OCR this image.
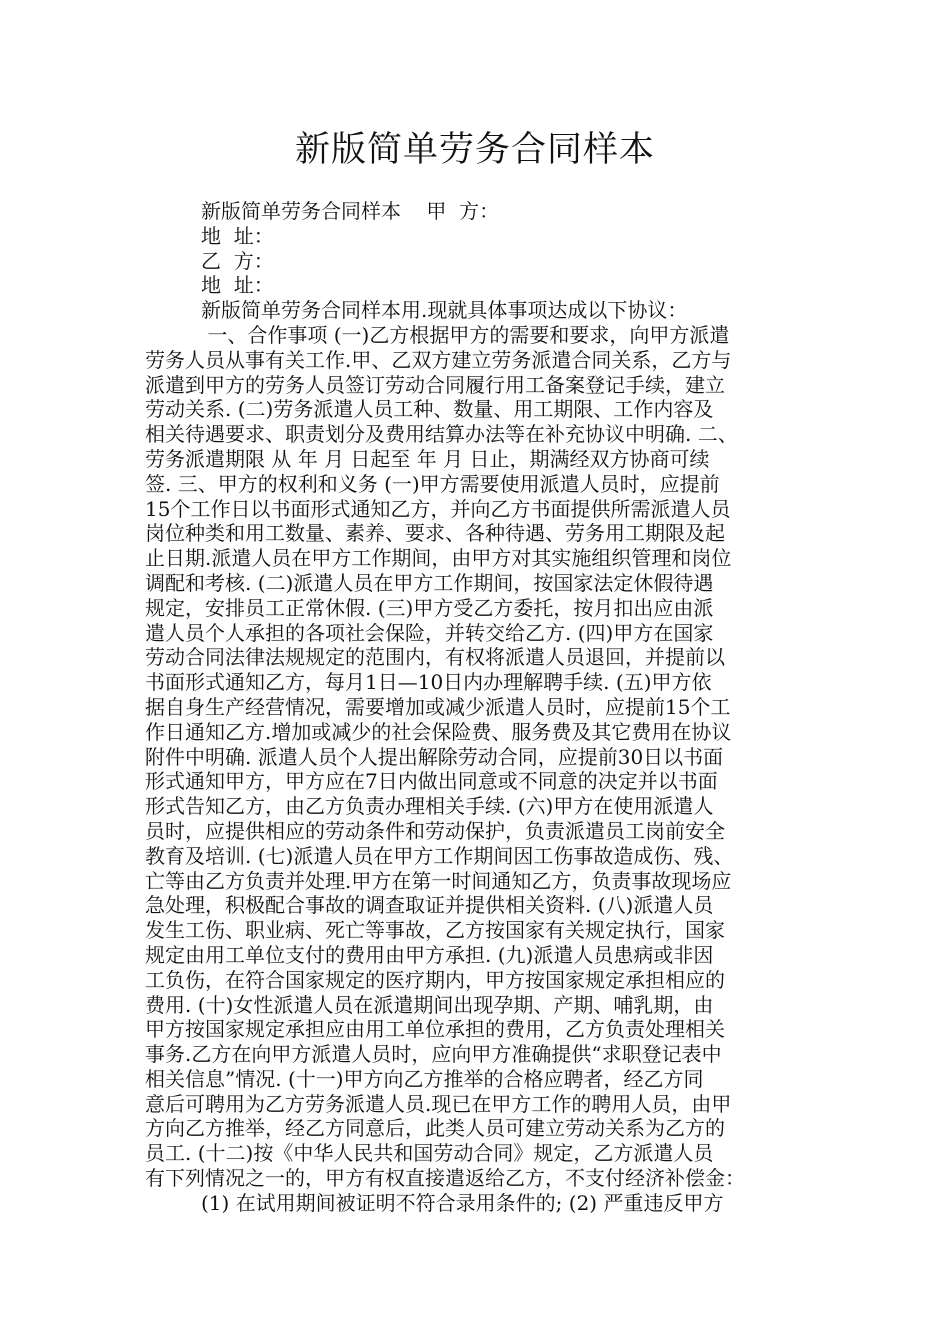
新版简单劳务合同样本

新版简单劳务合同样本    甲  方：

地  址：

乙  方：

地  址：

新版简单劳务合同样本用.现就具体事项达成以下协议：

一、合作事项 (一)乙方根据甲方的需要和要求，向甲方派遣

劳务人员从事有关工作.甲、乙双方建立劳务派遣合同关系，乙方与

派遣到甲方的劳务人员签订劳动合同履行用工备案登记手续，建立

劳动关系. (二)劳务派遣人员工种、数量、用工期限、工作内容及

相关待遇要求、职责划分及费用结算办法等在补充协议中明确. 二、

劳务派遣期限 从 年 月 日起至 年 月 日止，期满经双方协商可续

签. 三、甲方的权利和义务 (一)甲方需要使用派遣人员时，应提前

15个工作日以书面形式通知乙方，并向乙方书面提供所需派遣人员

岗位种类和用工数量、素养、要求、各种待遇、劳务用工期限及起

止日期.派遣人员在甲方工作期间，由甲方对其实施组织管理和岗位

调配和考核. (二)派遣人员在甲方工作期间，按国家法定休假待遇

规定，安排员工正常休假. (三)甲方受乙方委托，按月扣出应由派

遣人员个人承担的各项社会保险，并转交给乙方. (四)甲方在国家

劳动合同法律法规规定的范围内，有权将派遣人员退回，并提前以

书面形式通知乙方，每月1日—10日内办理解聘手续. (五)甲方依

据自身生产经营情况，需要增加或减少派遣人员时，应提前15个工

作日通知乙方.增加或减少的社会保险费、服务费及其它费用在协议

附件中明确. 派遣人员个人提出解除劳动合同，应提前30日以书面

形式通知甲方，甲方应在7日内做出同意或不同意的决定并以书面

形式告知乙方，由乙方负责办理相关手续. (六)甲方在使用派遣人

员时，应提供相应的劳动条件和劳动保护，负责派遣员工岗前安全

教育及培训. (七)派遣人员在甲方工作期间因工伤事故造成伤、残、

亡等由乙方负责并处理.甲方在第一时间通知乙方，负责事故现场应

急处理，积极配合事故的调查取证并提供相关资料. (八)派遣人员

发生工伤、职业病、死亡等事故，乙方按国家有关规定执行，国家

规定由用工单位支付的费用由甲方承担. (九)派遣人员患病或非因

工负伤，在符合国家规定的医疗期内，甲方按国家规定承担相应的

费用. (十)女性派遣人员在派遣期间出现孕期、产期、哺乳期，由

甲方按国家规定承担应由用工单位承担的费用，乙方负责处理相关

事务.乙方在向甲方派遣人员时，应向甲方准确提供“求职登记表中

相关信息”情况. (十一)甲方向乙方推举的合格应聘者，经乙方同

意后可聘用为乙方劳务派遣人员.现已在甲方工作的聘用人员，由甲

方向乙方推举，经乙方同意后，此类人员可建立劳动关系为乙方的

员工. (十二)按《中华人民共和国劳动合同》规定，乙方派遣人员

有下列情况之一的，甲方有权直接遣返给乙方，不支付经济补偿金：

(1) 在试用期间被证明不符合录用条件的; (2) 严重违反甲方
